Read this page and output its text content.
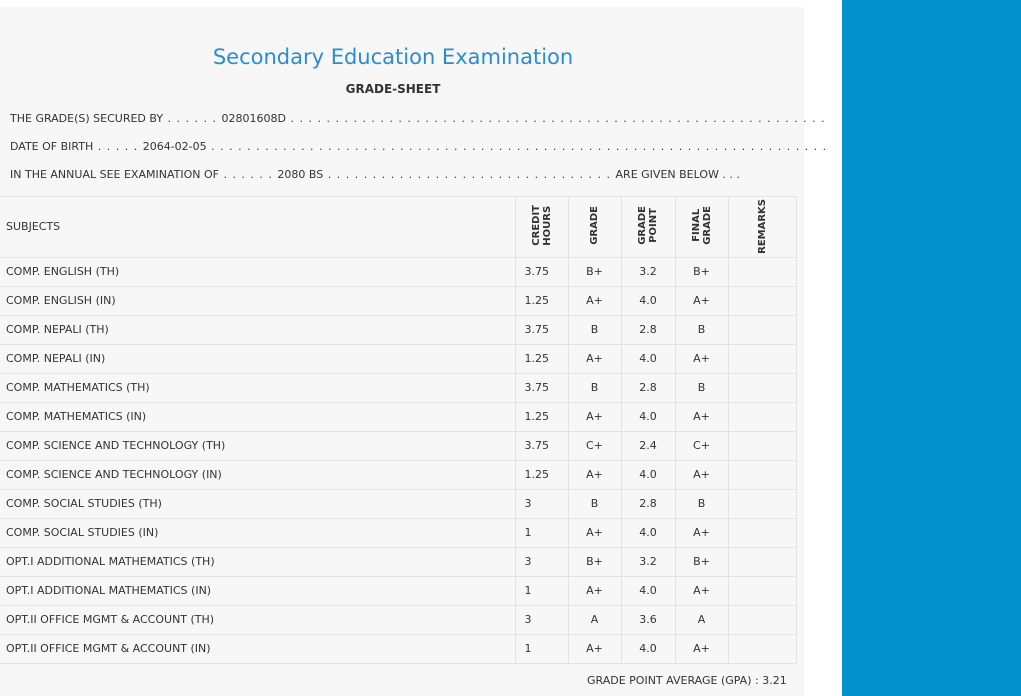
Secondary Education Examination
GRADE-SHEET
THE GRADE(S) SECURED BY . . . . . . 02801608D . . . . . . . . . . . . . . . . . . . . . . . . . . . . . . . . . . . . . . . . . . . . . . . . . . . . . . . . . . . .
DATE OF BIRTH . . . . . 2064-02-05 . . . . . . . . . . . . . . . . . . . . . . . . . . . . . . . . . . . . . . . . . . . . . . . . . . . . . . . . . . . . . . . . . . . . .
IN THE ANNUAL SEE EXAMINATION OF . . . . . . 2080 BS . . . . . . . . . . . . . . . . . . . . . . . . . . . . . . . . ARE GIVEN BELOW . . .
SUBJECTS	CREDIT HOURS	GRADE	GRADE POINT	FINAL GRADE	REMARKS

COMP. ENGLISH (TH)	3.75	B+	3.2	B+	
COMP. ENGLISH (IN)	1.25	A+	4.0	A+	
COMP. NEPALI (TH)	3.75	B	2.8	B	
COMP. NEPALI (IN)	1.25	A+	4.0	A+	
COMP. MATHEMATICS (TH)	3.75	B	2.8	B	
COMP. MATHEMATICS (IN)	1.25	A+	4.0	A+	
COMP. SCIENCE AND TECHNOLOGY (TH)	3.75	C+	2.4	C+	
COMP. SCIENCE AND TECHNOLOGY (IN)	1.25	A+	4.0	A+	
COMP. SOCIAL STUDIES (TH)	3	B	2.8	B	
COMP. SOCIAL STUDIES (IN)	1	A+	4.0	A+	
OPT.I ADDITIONAL MATHEMATICS (TH)	3	B+	3.2	B+	
OPT.I ADDITIONAL MATHEMATICS (IN)	1	A+	4.0	A+	
OPT.II OFFICE MGMT & ACCOUNT (TH)	3	A	3.6	A	
OPT.II OFFICE MGMT & ACCOUNT (IN)	1	A+	4.0	A+	
GRADE POINT AVERAGE (GPA) : 3.21
